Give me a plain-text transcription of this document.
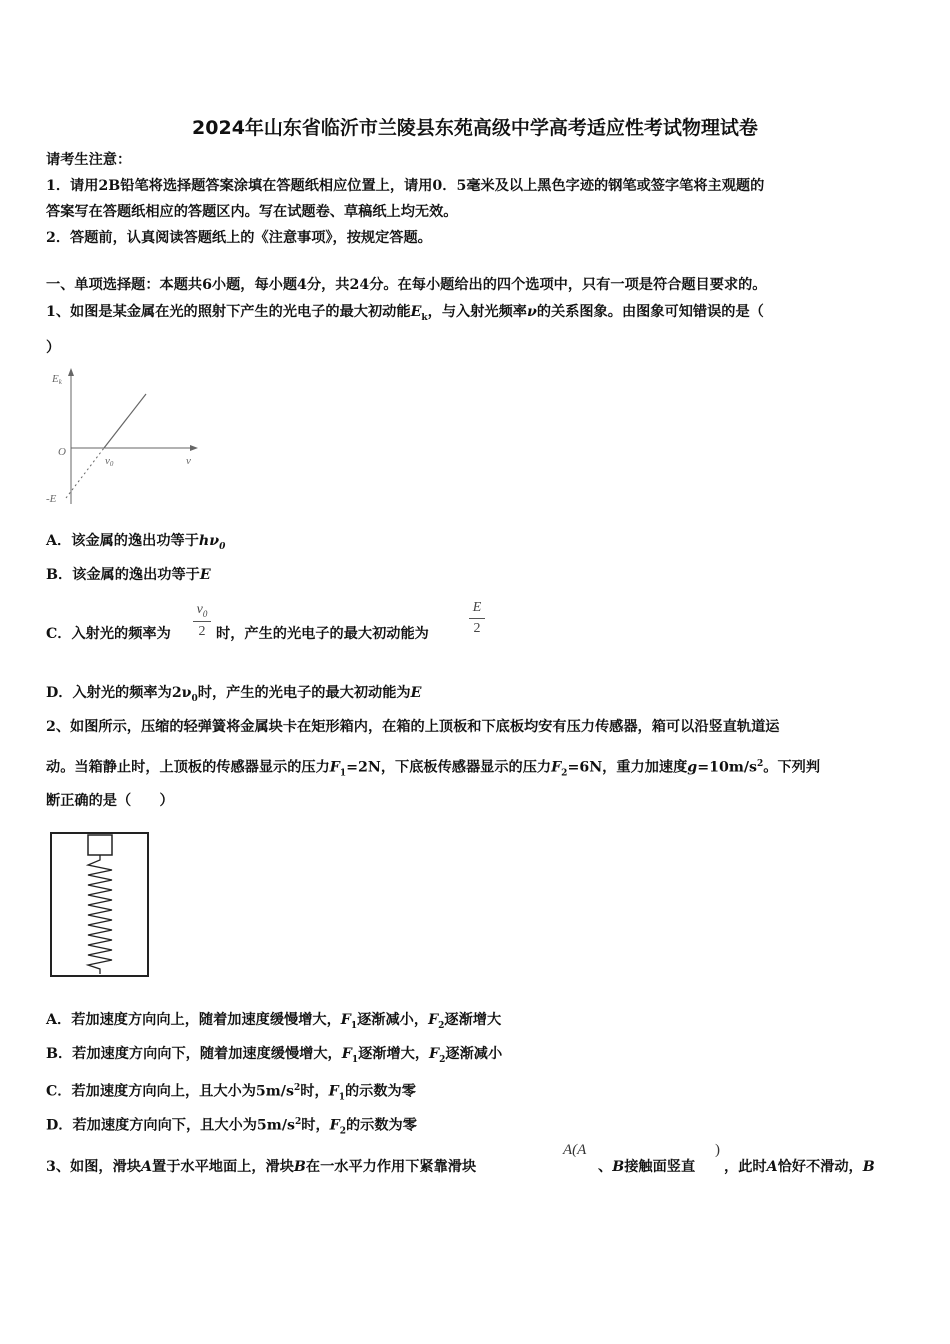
2024年山东省临沂市兰陵县东苑高级中学高考适应性考试物理试卷
请考生注意：
1．请用2B铅笔将选择题答案涂填在答题纸相应位置上，请用0．5毫米及以上黑色字迹的钢笔或签字笔将主观题的
答案写在答题纸相应的答题区内。写在试题卷、草稿纸上均无效。
2．答题前，认真阅读答题纸上的《注意事项》，按规定答题。
一、单项选择题：本题共6小题，每小题4分，共24分。在每小题给出的四个选项中，只有一项是符合题目要求的。
1、如图是某金属在光的照射下产生的光电子的最大初动能$E_k$，与入射光频率ν的关系图象。由图象可知错误的是（
）
Ek
O
ν
ν0
-E
A．该金属的逸出功等于$h\nu_0$
B．该金属的逸出功等于E
C．入射光的频率为
$\nu_0$
2 时，产生的光电子的最大初动能为
E
2
D．入射光的频率为$2\nu_0$时，产生的光电子的最大初动能为E
2、如图所示，压缩的轻弹簧将金属块卡在矩形箱内，在箱的上顶板和下底板均安有压力传感器，箱可以沿竖直轨道运
动。当箱静止时，上顶板的传感器显示的压力$F_1=2N$，下底板传感器显示的压力$F_2=6N$，重力加速度$g=10m/s^2$。下列判
断正确的是（　　）
A．若加速度方向向上，随着加速度缓慢增大，$F_1$逐渐减小，$F_2$逐渐增大
B．若加速度方向向下，随着加速度缓慢增大，$F_1$逐渐增大，$F_2$逐渐减小
C．若加速度方向向上，且大小为$5m/s^2$时，$F_1$的示数为零
D．若加速度方向向下，且大小为$5m/s^2$时，$F_2$的示数为零
3、如图，滑块A置于水平地面上，滑块B在一水平力作用下紧靠滑块
A(A
、B接触面竖直
)
，此时A恰好不滑动，B
